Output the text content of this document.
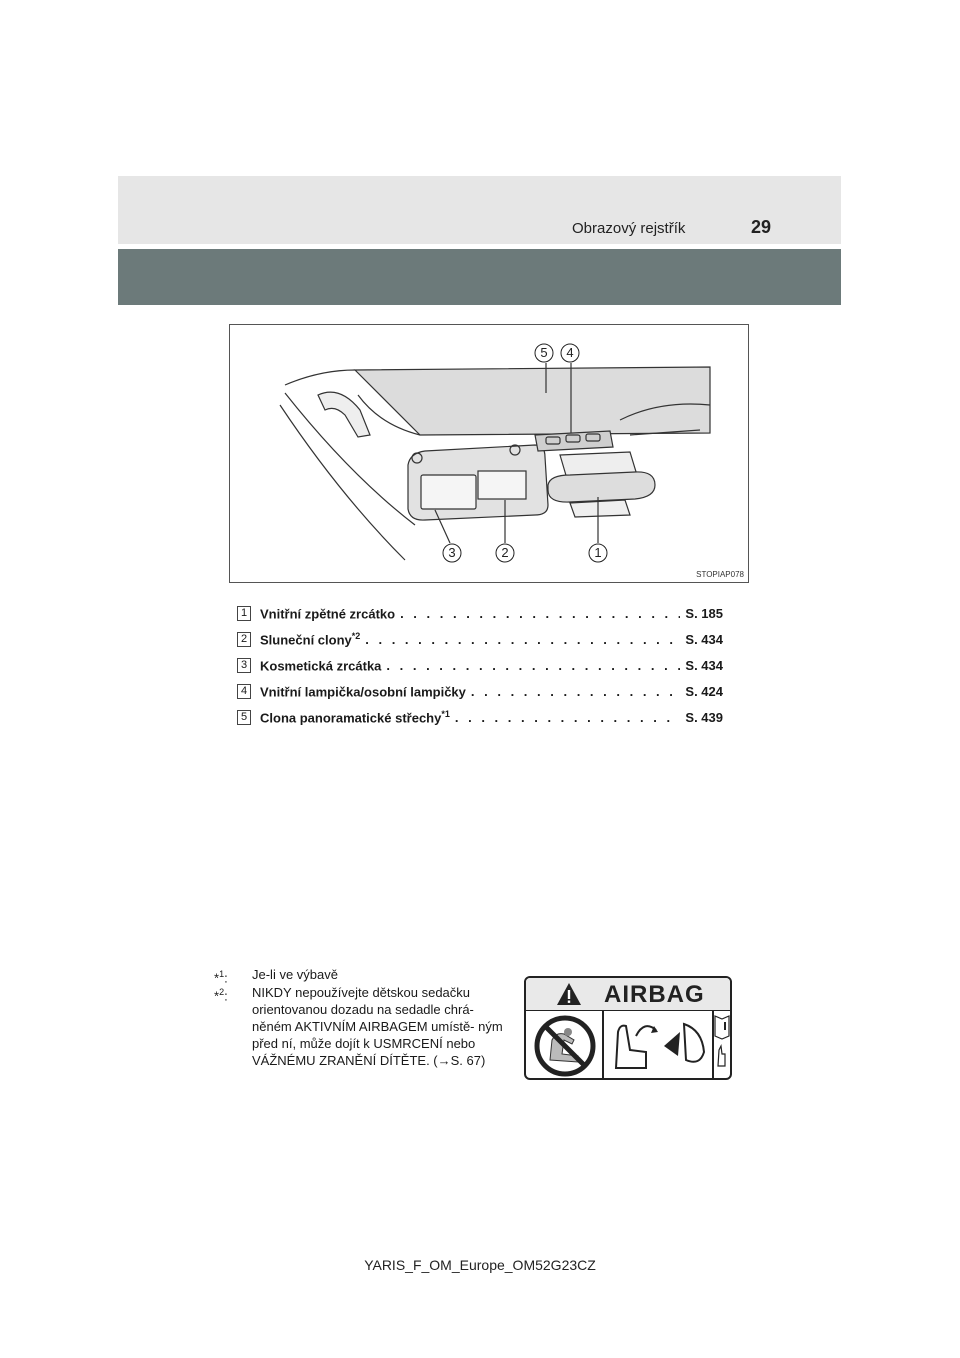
Obrazový rejstřík	29
5 4
3	2	1
STOPIAP078
1 Vnitřní zpětné zrcátko . . .	S. 185
2 Sluneční clony$^{*2}$ . . .	S. 434
3 Kosmetická zrcátka . . .	S. 434
4 Vnitřní lampička/osobní lampičky . . .	S. 424
5 Clona panoramatické střechy$^{*1}$ . . .	S. 439
*$^1$: Je-li ve výbavě
*$^2$: NIKDY nepoužívejte dětskou sedačku orientovanou dozadu na sedadle chrá- něném AKTIVNÍM AIRBAGEM umístě- ným před ní, může dojít k USMRCENÍ nebo VÁŽNÉMU ZRANĚNÍ DÍTĚTE. (→S. 67)
AIRBAG
YARIS_F_OM_Europe_OM52G23CZ
